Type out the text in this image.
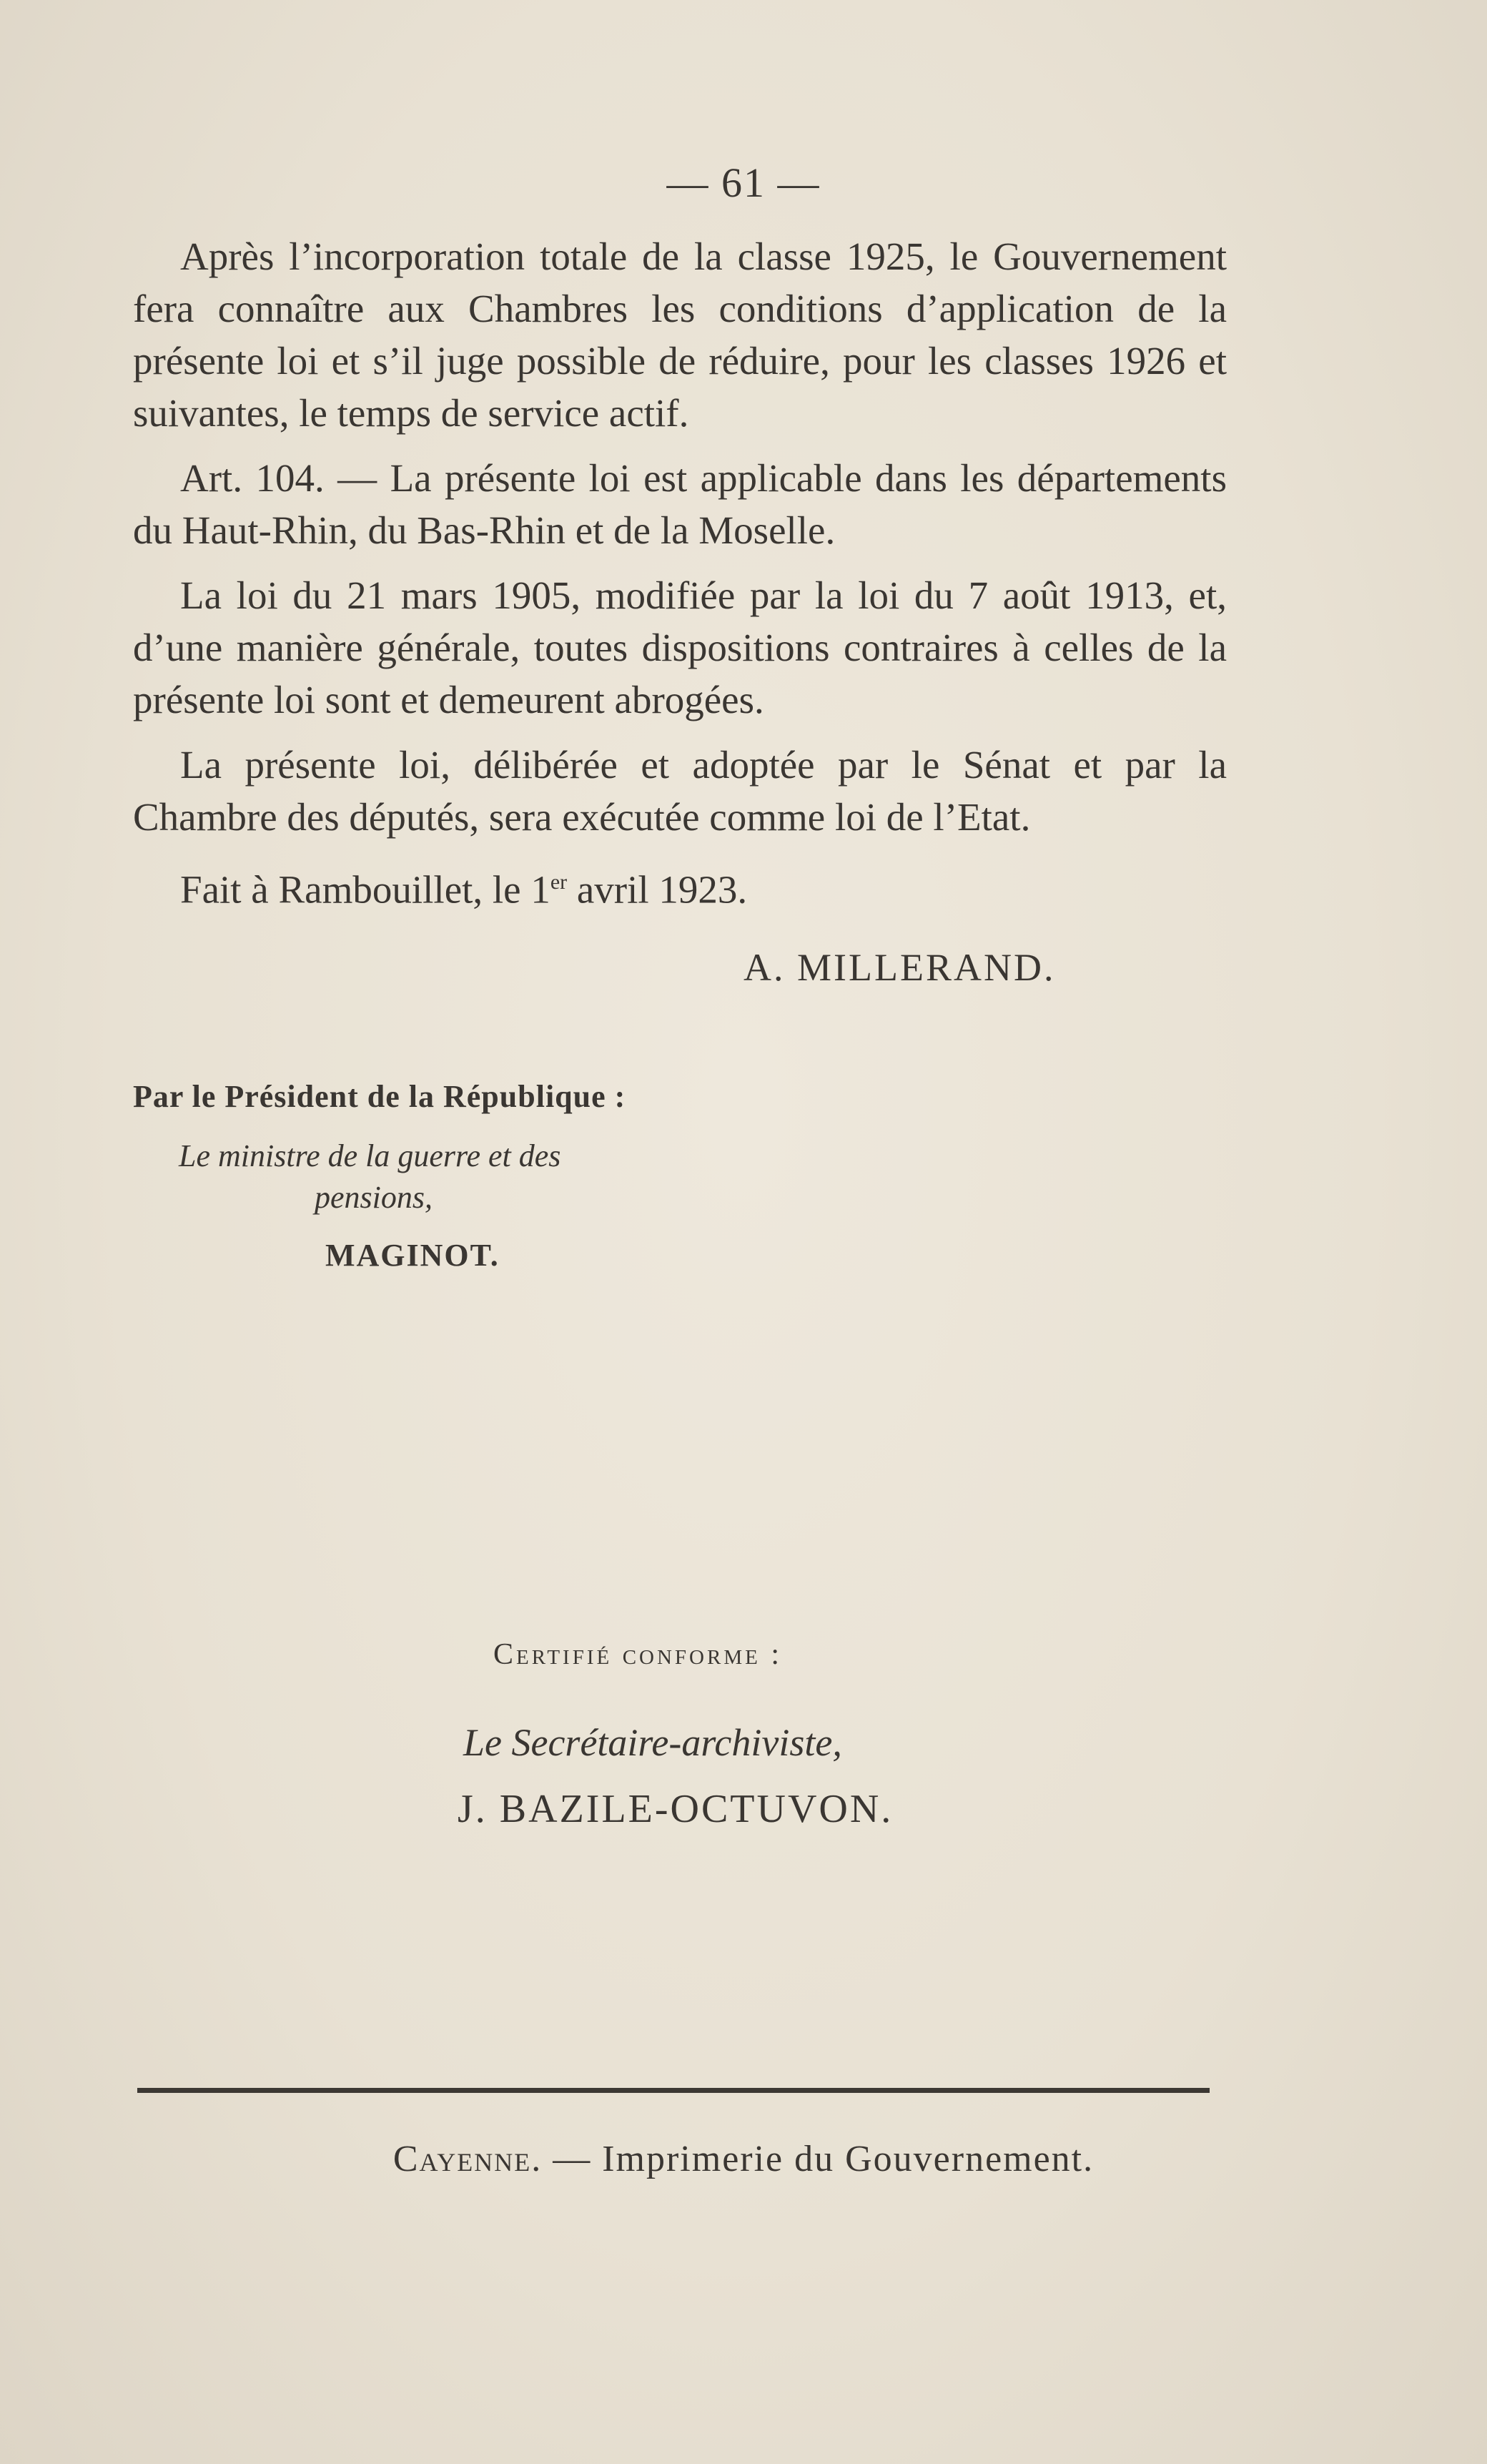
— 61 —

Après l’incorporation totale de la classe 1925, le Gouvernement fera connaître aux Chambres les conditions d’application de la présente loi et s’il juge possible de réduire, pour les classes 1926 et suivantes, le temps de service actif.

Art. 104. — La présente loi est applicable dans les départements du Haut-Rhin, du Bas-Rhin et de la Moselle.

La loi du 21 mars 1905, modifiée par la loi du 7 août 1913, et, d’une manière générale, toutes dispositions contraires à celles de la présente loi sont et demeurent abrogées.

La présente loi, délibérée et adoptée par le Sénat et par la Chambre des députés, sera exécutée comme loi de l’Etat.

Fait à Rambouillet, le 1er avril 1923.

A. MILLERAND.
Par le Président de la République :
Le ministre de la guerre et des
pensions,
MAGINOT.
Certifié conforme :
Le Secrétaire-archiviste,
J. BAZILE-OCTUVON.
Cayenne. — Imprimerie du Gouvernement.
